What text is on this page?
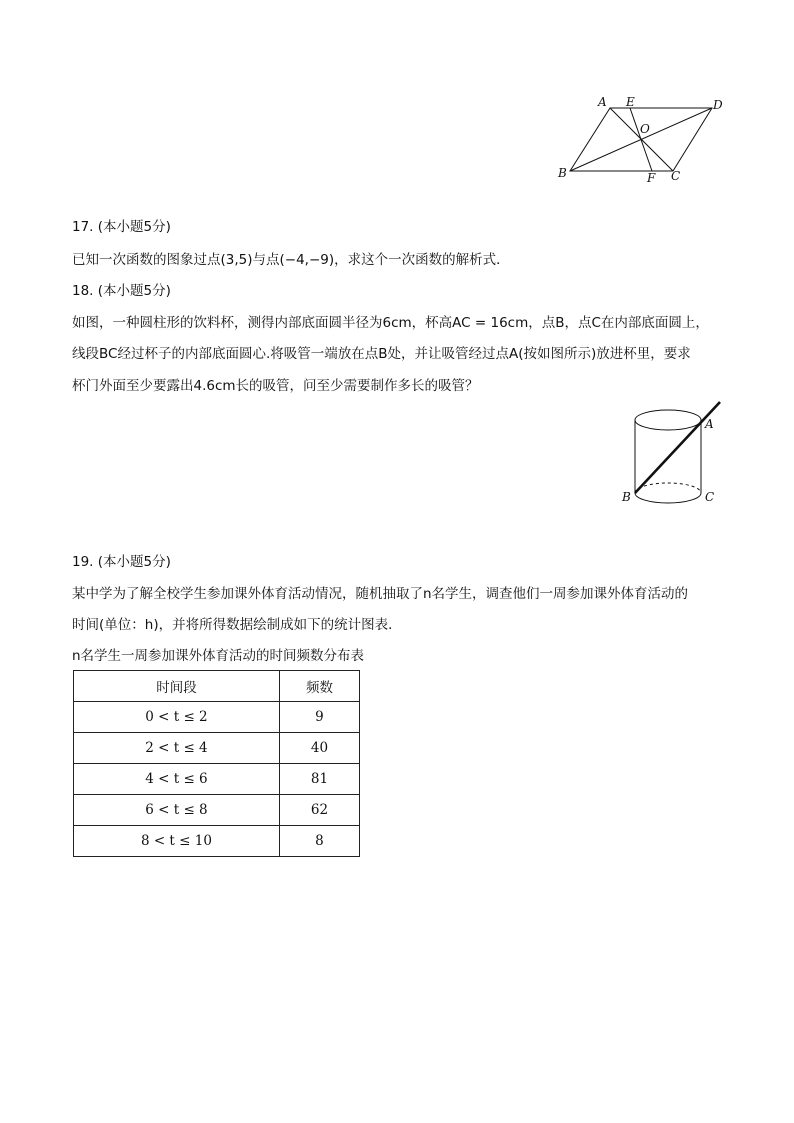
A E	D
O
B	F C
17. (本小题5分)
已知一次函数的图象过点(3,5)与点(−4,−9)，求这个一次函数的解析式．
18. (本小题5分)
如图，一种圆柱形的饮料杯，测得内部底面圆半径为6cm，杯高AC = 16cm，点B，点C在内部底面圆上，
线段BC经过杯子的内部底面圆心.将吸管一端放在点B处，并让吸管经过点A(按如图所示)放进杯里，要求
杯门外面至少要露出4.6cm长的吸管，问至少需要制作多长的吸管？
A
B	C
19. (本小题5分)
某中学为了解全校学生参加课外体育活动情况，随机抽取了n名学生，调查他们一周参加课外体育活动的
时间(单位：h)，并将所得数据绘制成如下的统计图表．
n名学生一周参加课外体育活动的时间频数分布表
时间段	频数
0 < t ≤ 2	9
2 < t ≤ 4	40
4 < t ≤ 6	81
6 < t ≤ 8	62
8 < t ≤ 10	8
